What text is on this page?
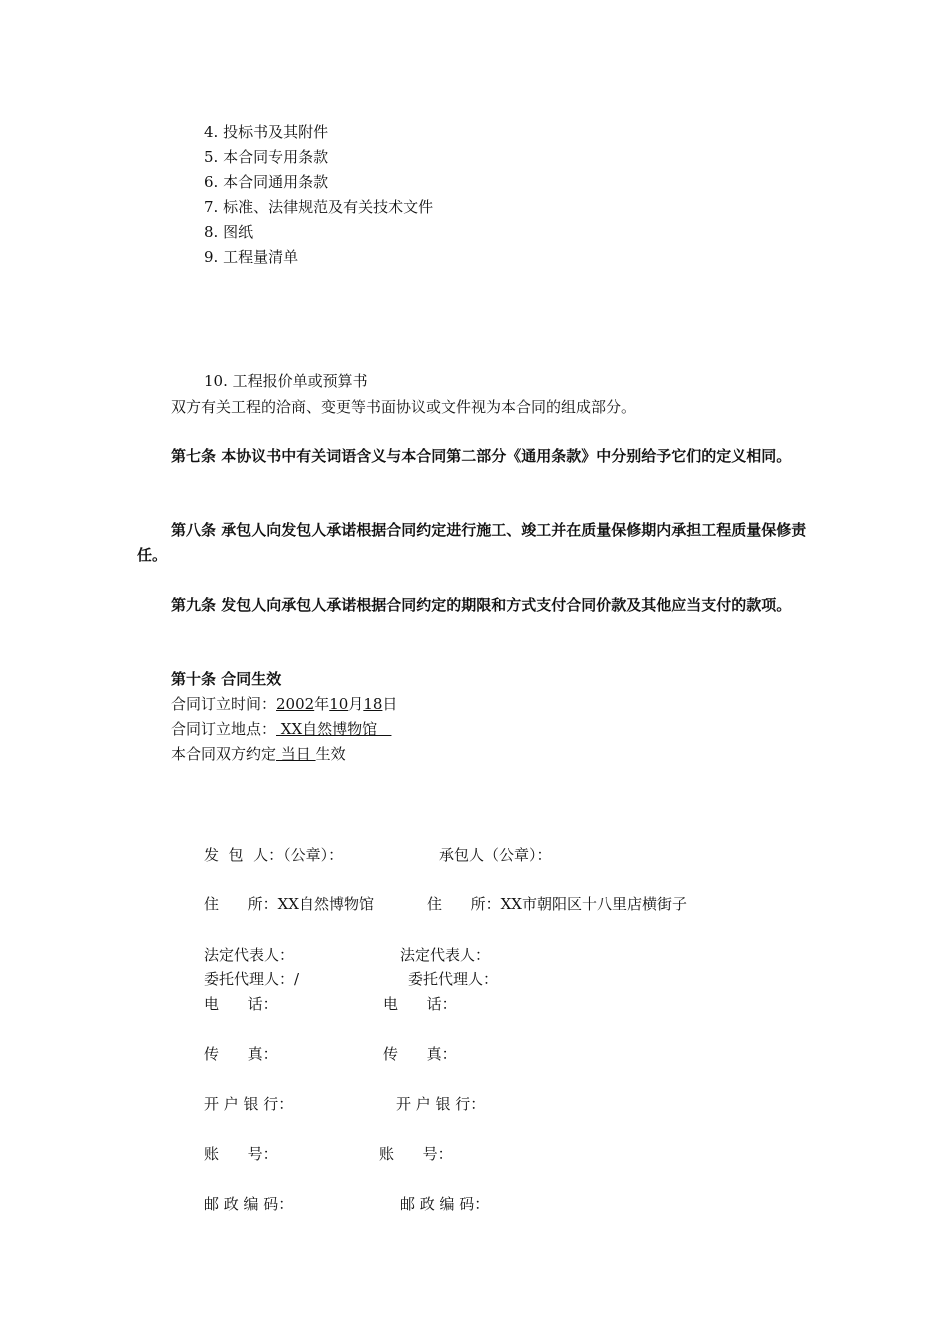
4. 投标书及其附件
5. 本合同专用条款
6. 本合同通用条款
7. 标准、法律规范及有关技术文件
8. 图纸
9. 工程量清单
10. 工程报价单或预算书
双方有关工程的洽商、变更等书面协议或文件视为本合同的组成部分。
第七条 本协议书中有关词语含义与本合同第二部分《通用条款》中分别给予它们的定义相同。
第八条 承包人向发包人承诺根据合同约定进行施工、竣工并在质量保修期内承担工程质量保修责任。
第九条 发包人向承包人承诺根据合同约定的期限和方式支付合同价款及其他应当支付的款项。
第十条 合同生效
合同订立时间：2002年10月18日
合同订立地点： XX自然博物馆
本合同双方约定 当日 生效
发  包  人：（公章）：	承包人（公章）：
住      所：XX自然博物馆	住      所：XX市朝阳区十八里店横街子
法定代表人：	法定代表人：
委托代理人：/	委托代理人：
电      话：	电      话：
传      真：	传      真：
开 户 银 行：	开 户 银 行：
账      号：	账      号：
邮 政 编 码：	邮 政 编 码：
